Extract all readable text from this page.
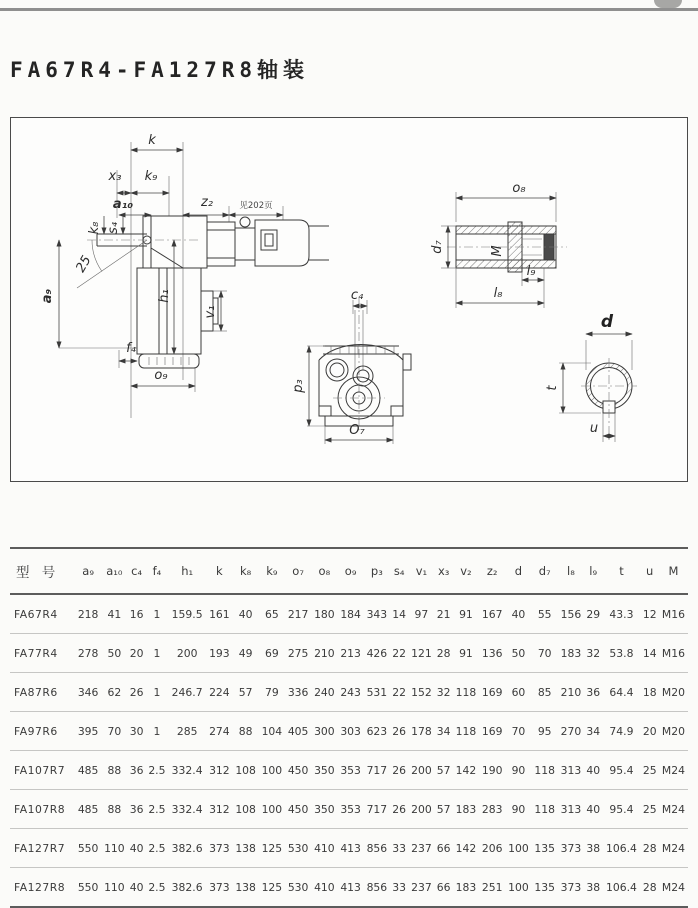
FA67R4-FA127R8轴装
k
x₃ k₉
a₁₀	z₂	见202页
k₈ s₄
a₉
25
h₁
v₁
f₄
o₉
c₄
p₃
O₇
o₈
M
d₇
l₉
l₈
d
t
u
型 号	a₉	a₁₀	c₄	f₄	h₁	k	k₈	k₉	o₇	o₈	o₉	p₃	s₄	v₁	x₃	v₂	z₂	d	d₇	l₈	l₉	t	u	M
FA67R4	218	41	16	1	159.5	161	40	65	217	180	184	343	14	97	21	91	167	40	55	156	29	43.3	12	M16
FA77R4	278	50	20	1	200	193	49	69	275	210	213	426	22	121	28	91	136	50	70	183	32	53.8	14	M16
FA87R6	346	62	26	1	246.7	224	57	79	336	240	243	531	22	152	32	118	169	60	85	210	36	64.4	18	M20
FA97R6	395	70	30	1	285	274	88	104	405	300	303	623	26	178	34	118	169	70	95	270	34	74.9	20	M20
FA107R7	485	88	36	2.5	332.4	312	108	100	450	350	353	717	26	200	57	142	190	90	118	313	40	95.4	25	M24
FA107R8	485	88	36	2.5	332.4	312	108	100	450	350	353	717	26	200	57	183	283	90	118	313	40	95.4	25	M24
FA127R7	550	110	40	2.5	382.6	373	138	125	530	410	413	856	33	237	66	142	206	100	135	373	38	106.4	28	M24
FA127R8	550	110	40	2.5	382.6	373	138	125	530	410	413	856	33	237	66	183	251	100	135	373	38	106.4	28	M24
